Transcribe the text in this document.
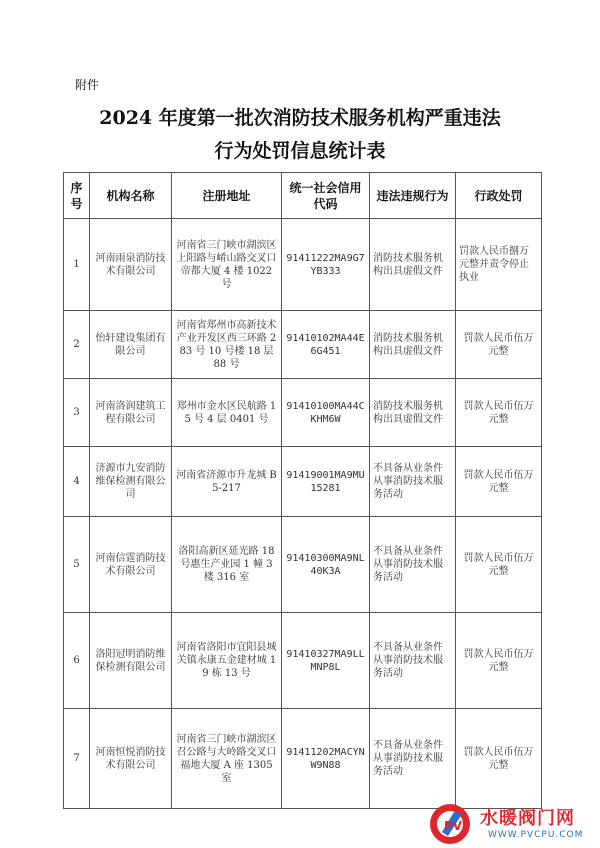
附件
2024 年度第一批次消防技术服务机构严重违法
行为处罚信息统计表
序号	机构名称	注册地址	统一社会信用代码	违法违规行为	行政处罚
1	河南雨泉消防技术有限公司	河南省三门峡市湖滨区上阳路与崤山路交叉口帝都大厦 4 楼 1022 号	91411222MA9G7YB333	消防技术服务机构出具虚假文件	罚款人民币捌万元整并责令停止执业
2	怡轩建设集团有限公司	河南省郑州市高新技术产业开发区西三环路 283 号 10 号楼 18 层 88 号	91410102MA44E6G451	消防技术服务机构出具虚假文件	罚款人民币伍万元整
3	河南洛润建筑工程有限公司	郑州市金水区民航路 15 号 4 层 0401 号	91410100MA44CKHM6W	消防技术服务机构出具虚假文件	罚款人民币伍万元整
4	济源市九安消防维保检测有限公司	河南省济源市升龙城 B5-217	91419001MA9MU15281	不具备从业条件从事消防技术服务活动	罚款人民币伍万元整
5	河南信霆消防技术有限公司	洛阳高新区延光路 18 号惠生产业园 1 幢 3 楼 316 室	91410300MA9NL40K3A	不具备从业条件从事消防技术服务活动	罚款人民币伍万元整
6	洛阳冠明消防维保检测有限公司	河南省洛阳市宜阳县城关镇永康五金建材城 19 栋 13 号	91410327MA9LLMNP8L	不具备从业条件从事消防技术服务活动	罚款人民币伍万元整
7	河南恒悦消防技术有限公司	河南省三门峡市湖滨区召公路与大岭路交叉口福地大厦 A 座 1305 室	91411202MACYNW9N88	不具备从业条件从事消防技术服务活动	罚款人民币伍万元整
PV 水暖阀门网
WWW.PVCPU.COM
